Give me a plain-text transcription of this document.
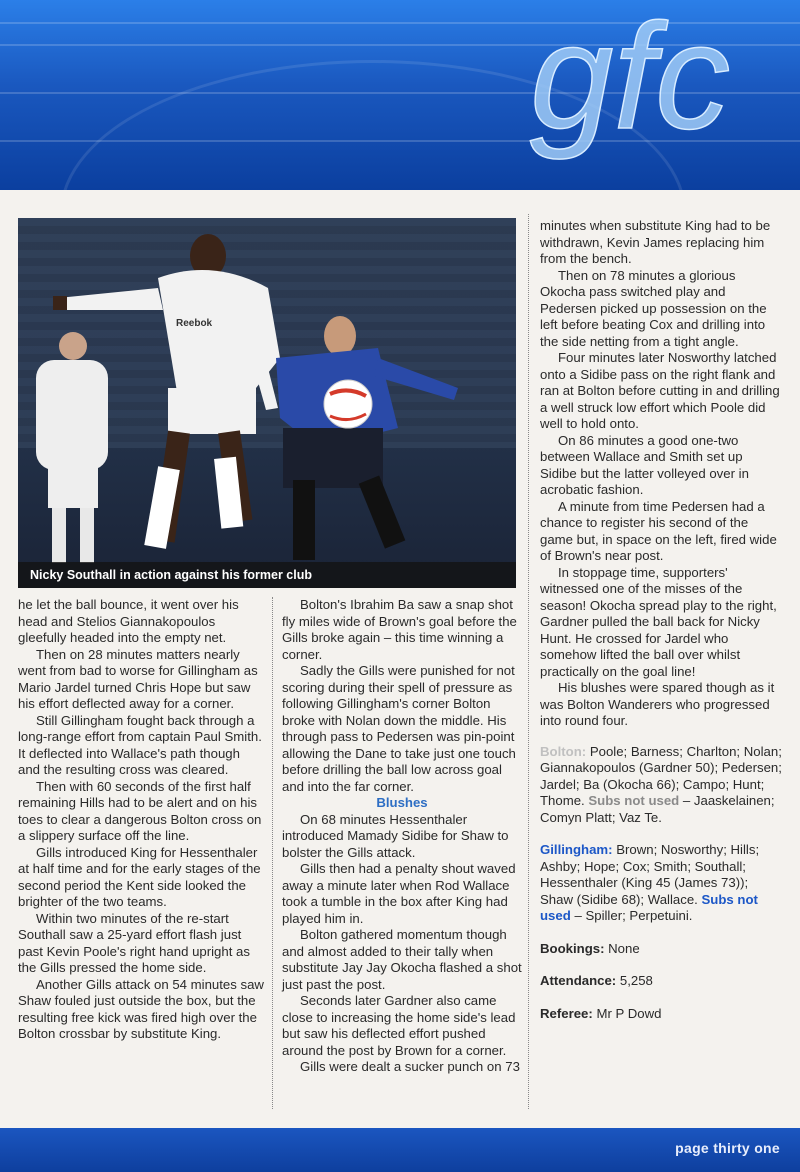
gfc
Reebok
Nicky Southall in action against his former club

he let the ball bounce, it went over his head and Stelios Giannakopoulos gleefully headed into the empty net.

Then on 28 minutes matters nearly went from bad to worse for Gillingham as Mario Jardel turned Chris Hope but saw his effort deflected away for a corner.

Still Gillingham fought back through a long-range effort from captain Paul Smith. It deflected into Wallace's path though and the resulting cross was cleared.

Then with 60 seconds of the first half remaining Hills had to be alert and on his toes to clear a dangerous Bolton cross on a slippery surface off the line.

Gills introduced King for Hessenthaler at half time and for the early stages of the second period the Kent side looked the brighter of the two teams.

Within two minutes of the re-start Southall saw a 25-yard effort flash just past Kevin Poole's right hand upright as the Gills pressed the home side.

Another Gills attack on 54 minutes saw Shaw fouled just outside the box, but the resulting free kick was fired high over the Bolton crossbar by substitute King.

Bolton's Ibrahim Ba saw a snap shot fly miles wide of Brown's goal before the Gills broke again – this time winning a corner.

Sadly the Gills were punished for not scoring during their spell of pressure as following Gillingham's corner Bolton broke with Nolan down the middle. His through pass to Pedersen was pin-point allowing the Dane to take just one touch before drilling the ball low across goal and into the far corner.

Blushes

On 68 minutes Hessenthaler introduced Mamady Sidibe for Shaw to bolster the Gills attack.

Gills then had a penalty shout waved away a minute later when Rod Wallace took a tumble in the box after King had played him in.

Bolton gathered momentum though and almost added to their tally when substitute Jay Jay Okocha flashed a shot just past the post.

Seconds later Gardner also came close to increasing the home side's lead but saw his deflected effort pushed around the post by Brown for a corner.

Gills were dealt a sucker punch on 73

minutes when substitute King had to be withdrawn, Kevin James replacing him from the bench.

Then on 78 minutes a glorious Okocha pass switched play and Pedersen picked up possession on the left before beating Cox and drilling into the side netting from a tight angle.

Four minutes later Nosworthy latched onto a Sidibe pass on the right flank and ran at Bolton before cutting in and drilling a well struck low effort which Poole did well to hold onto.

On 86 minutes a good one-two between Wallace and Smith set up Sidibe but the latter volleyed over in acrobatic fashion.

A minute from time Pedersen had a chance to register his second of the game but, in space on the left, fired wide of Brown's near post.

In stoppage time, supporters' witnessed one of the misses of the season! Okocha spread play to the right, Gardner pulled the ball back for Nicky Hunt. He crossed for Jardel who somehow lifted the ball over whilst practically on the goal line!

His blushes were spared though as it was Bolton Wanderers who progressed into round four.

Bolton: Poole; Barness; Charlton; Nolan; Giannakopoulos (Gardner 50); Pedersen; Jardel; Ba (Okocha 66); Campo; Hunt; Thome. Subs not used – Jaaskelainen; Comyn Platt; Vaz Te.

Gillingham: Brown; Nosworthy; Hills; Ashby; Hope; Cox; Smith; Southall; Hessenthaler (King 45 (James 73)); Shaw (Sidibe 68); Wallace. Subs not used – Spiller; Perpetuini.

Bookings: None

Attendance: 5,258

Referee: Mr P Dowd

page thirty one
